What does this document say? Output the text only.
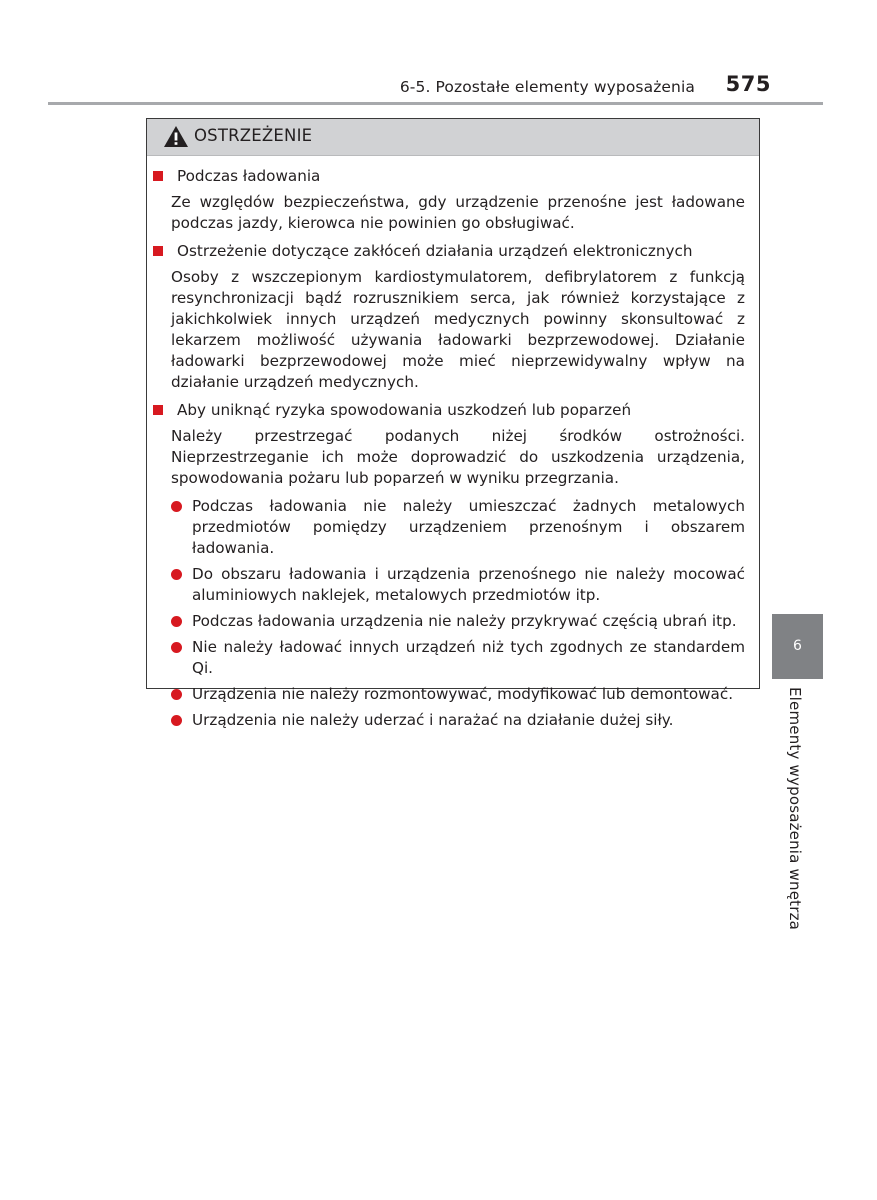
6-5. Pozostałe elementy wyposażenia 575
OSTRZEŻENIE
Podczas ładowania

Ze względów bezpieczeństwa, gdy urządzenie przenośne jest ładowane podczas jazdy, kierowca nie powinien go obsługiwać.

Ostrzeżenie dotyczące zakłóceń działania urządzeń elektronicznych

Osoby z wszczepionym kardiostymulatorem, defibrylatorem z funkcją resynchronizacji bądź rozrusznikiem serca, jak również korzystające z jakichkolwiek innych urządzeń medycznych powinny skonsultować z lekarzem możliwość używania ładowarki bezprzewodowej. Działanie ładowarki bezprzewodowej może mieć nieprzewidywalny wpływ na działanie urządzeń medycznych.

Aby uniknąć ryzyka spowodowania uszkodzeń lub poparzeń

Należy przestrzegać podanych niżej środków ostrożności. Nieprzestrzeganie ich może doprowadzić do uszkodzenia urządzenia, spowodowania pożaru lub poparzeń w wyniku przegrzania.

Podczas ładowania nie należy umieszczać żadnych metalowych przedmiotów pomiędzy urządzeniem przenośnym i obszarem ładowania.
Do obszaru ładowania i urządzenia przenośnego nie należy mocować aluminiowych naklejek, metalowych przedmiotów itp.
Podczas ładowania urządzenia nie należy przykrywać częścią ubrań itp.
Nie należy ładować innych urządzeń niż tych zgodnych ze standardem Qi.
Urządzenia nie należy rozmontowywać, modyfikować lub demontować.
Urządzenia nie należy uderzać i narażać na działanie dużej siły.
6
Elementy wyposażenia wnętrza
